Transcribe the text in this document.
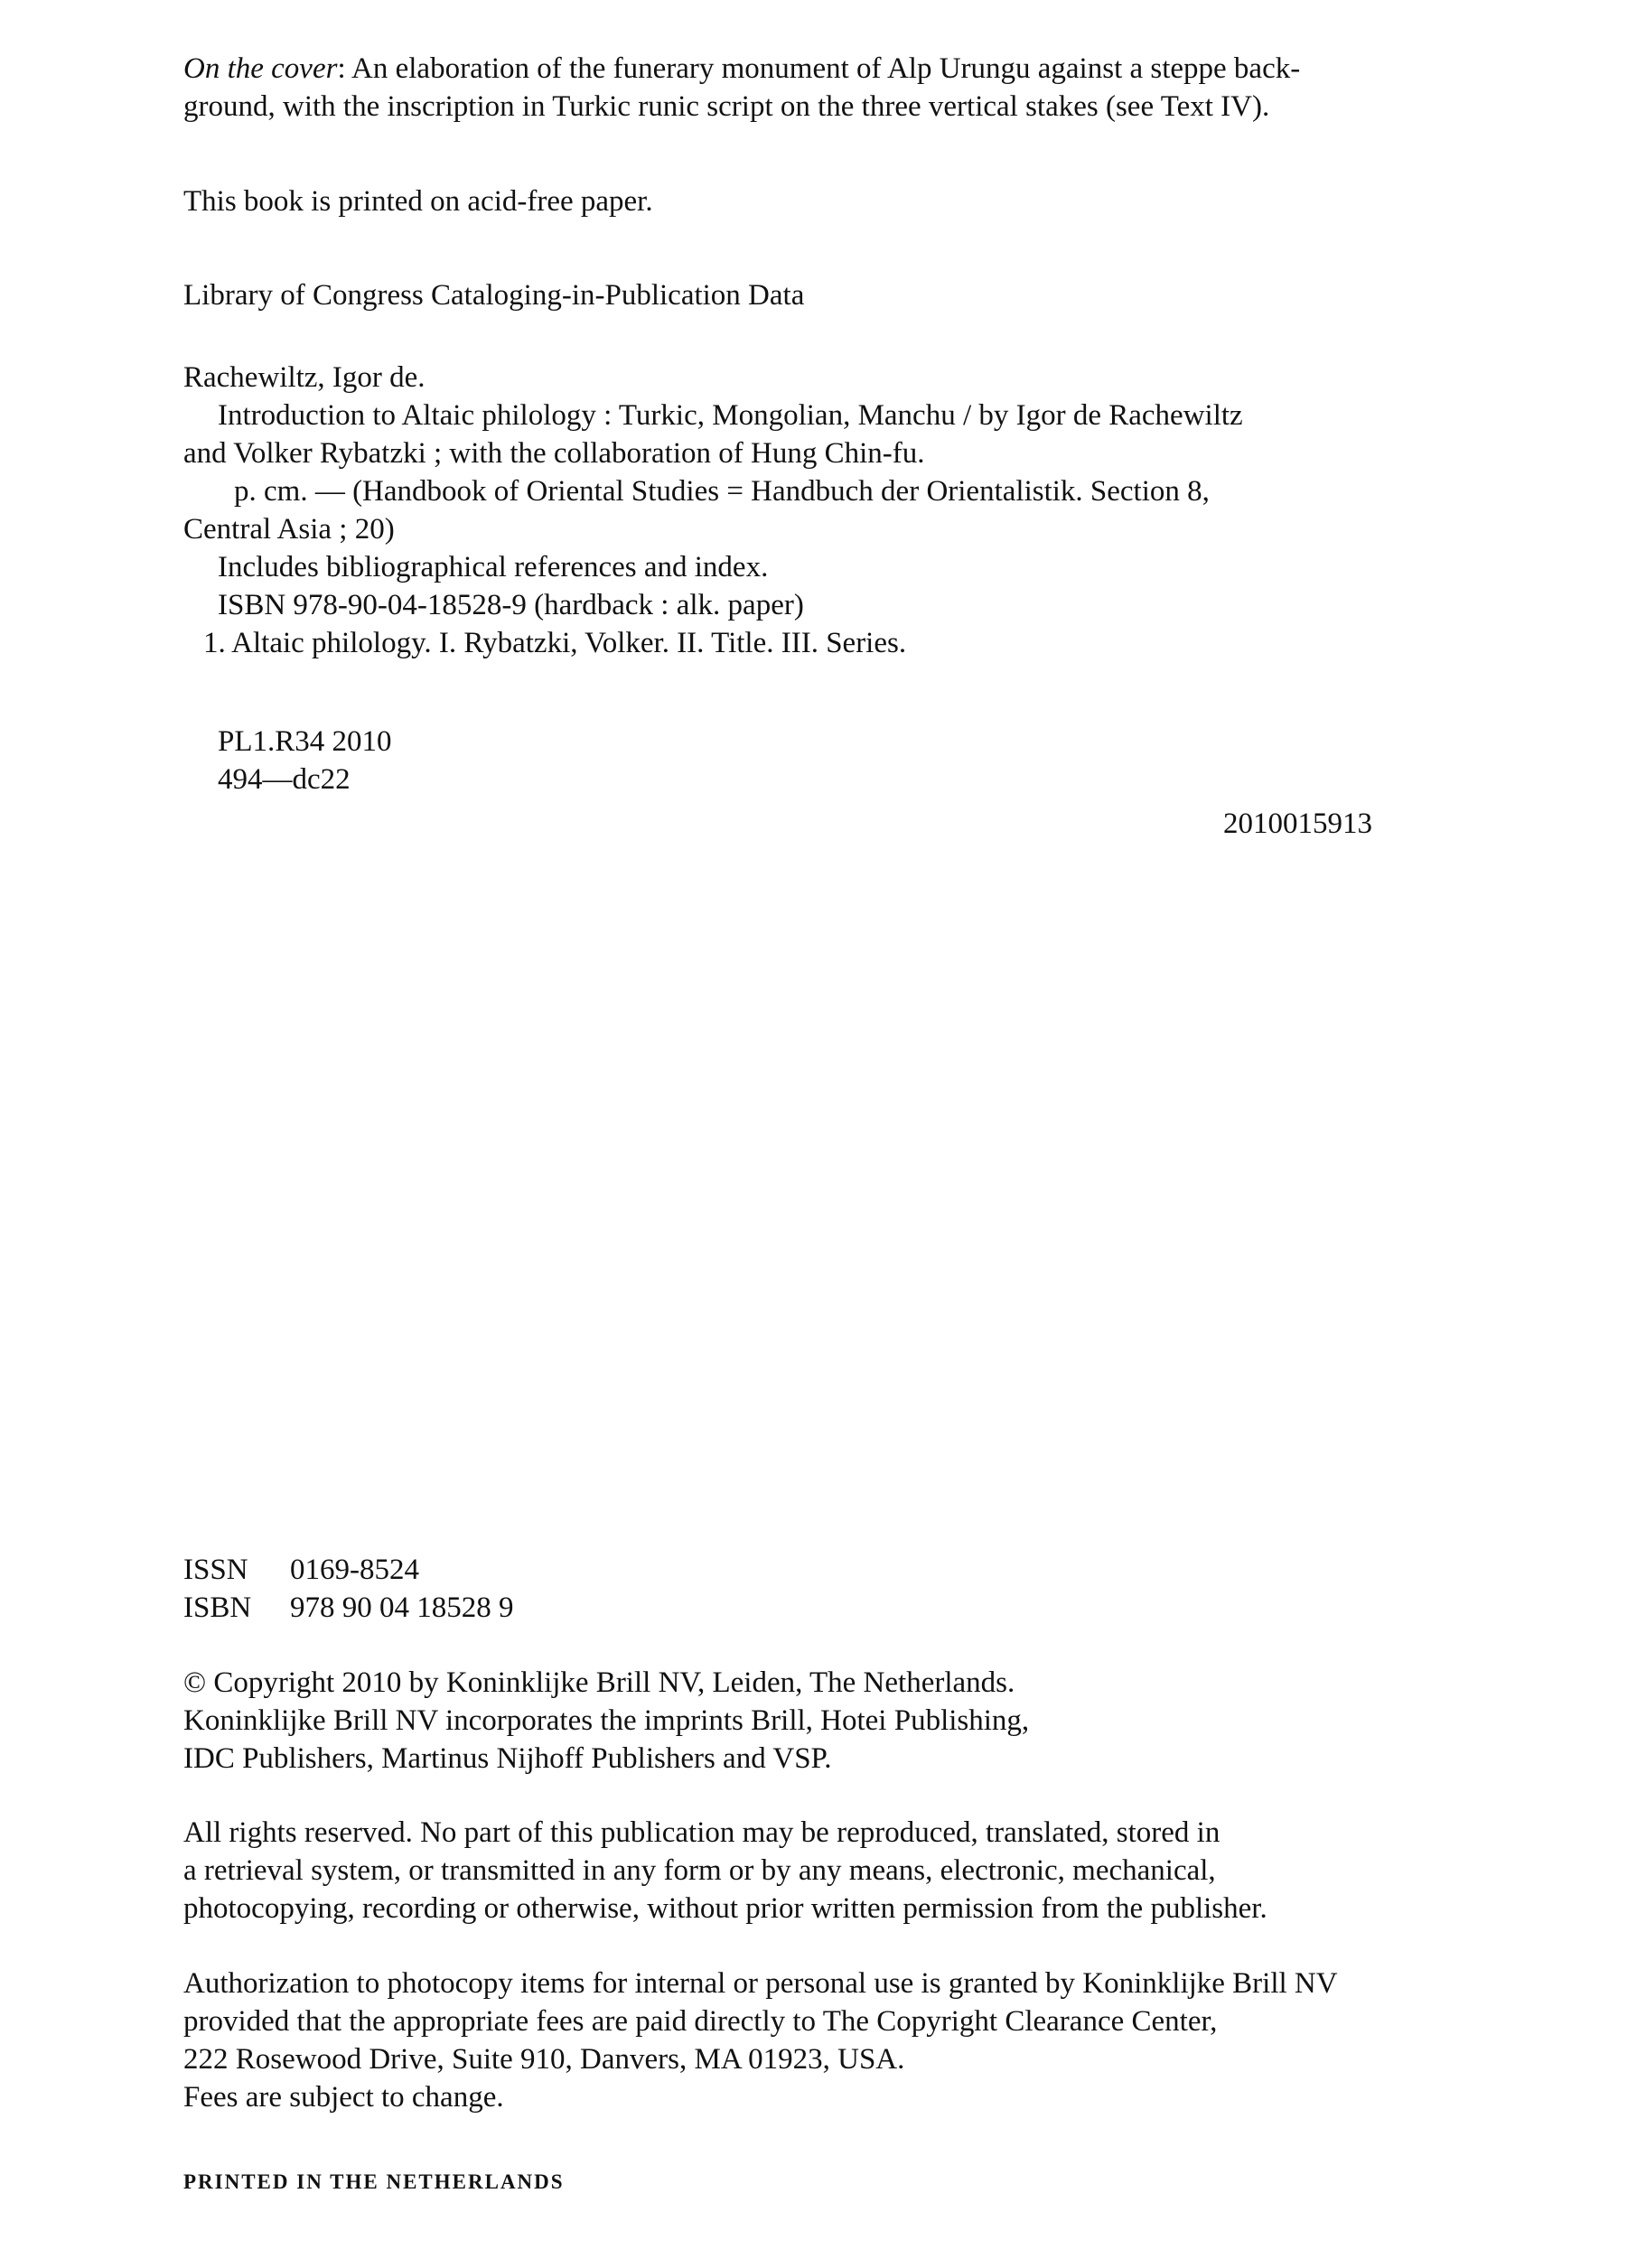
On the cover: An elaboration of the funerary monument of Alp Urungu against a steppe back-
ground, with the inscription in Turkic runic script on the three vertical stakes (see Text IV).
This book is printed on acid-free paper.
Library of Congress Cataloging-in-Publication Data
Rachewiltz, Igor de.
Introduction to Altaic philology : Turkic, Mongolian, Manchu / by Igor de Rachewiltz
and Volker Rybatzki ; with the collaboration of Hung Chin-fu.
p. cm. — (Handbook of Oriental Studies = Handbuch der Orientalistik. Section 8,
Central Asia ; 20)
Includes bibliographical references and index.
ISBN 978-90-04-18528-9 (hardback : alk. paper)
1. Altaic philology. I. Rybatzki, Volker. II. Title. III. Series.
PL1.R34 2010
494—dc22
2010015913
ISSN 0169-8524
ISBN 978 90 04 18528 9
© Copyright 2010 by Koninklijke Brill NV, Leiden, The Netherlands.
Koninklijke Brill NV incorporates the imprints Brill, Hotei Publishing,
IDC Publishers, Martinus Nijhoff Publishers and VSP.
All rights reserved. No part of this publication may be reproduced, translated, stored in
a retrieval system, or transmitted in any form or by any means, electronic, mechanical,
photocopying, recording or otherwise, without prior written permission from the publisher.
Authorization to photocopy items for internal or personal use is granted by Koninklijke Brill NV
provided that the appropriate fees are paid directly to The Copyright Clearance Center,
222 Rosewood Drive, Suite 910, Danvers, MA 01923, USA.
Fees are subject to change.
PRINTED IN THE NETHERLANDS
